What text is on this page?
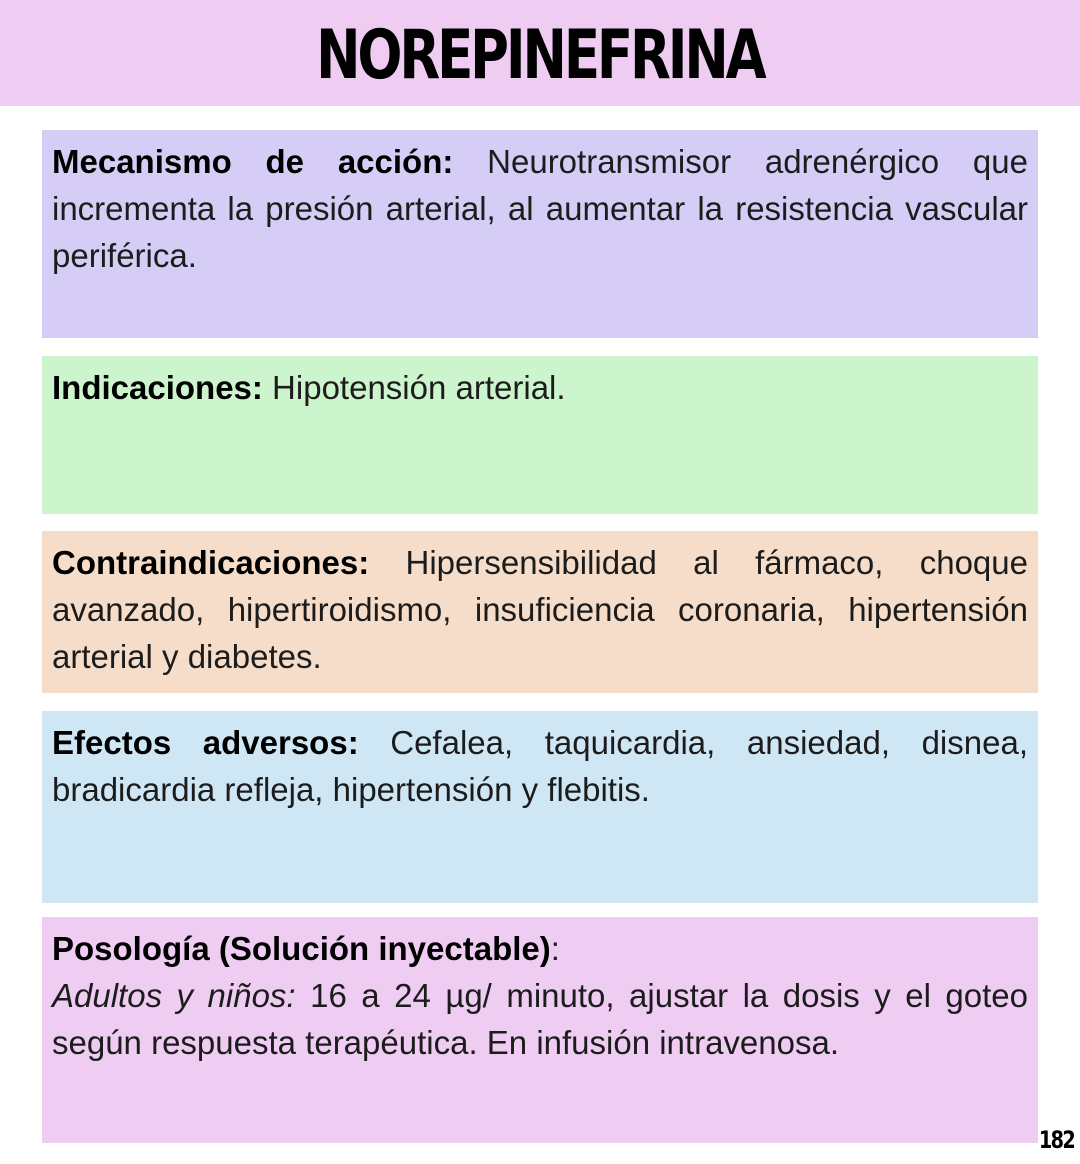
NOREPINEFRINA

Mecanismo de acción: Neurotransmisor adrenérgico que incrementa la presión arterial, al aumentar la resistencia vascular periférica.

Indicaciones: Hipotensión arterial.

Contraindicaciones: Hipersensibilidad al fármaco, choque avanzado, hipertiroidismo, insuficiencia coronaria, hipertensión arterial y diabetes.

Efectos adversos: Cefalea, taquicardia, ansiedad, disnea, bradicardia refleja, hipertensión y flebitis.

Posología (Solución inyectable):

Adultos y niños: 16 a 24 µg/ minuto, ajustar la dosis y el goteo según respuesta terapéutica. En infusión intravenosa.

182
